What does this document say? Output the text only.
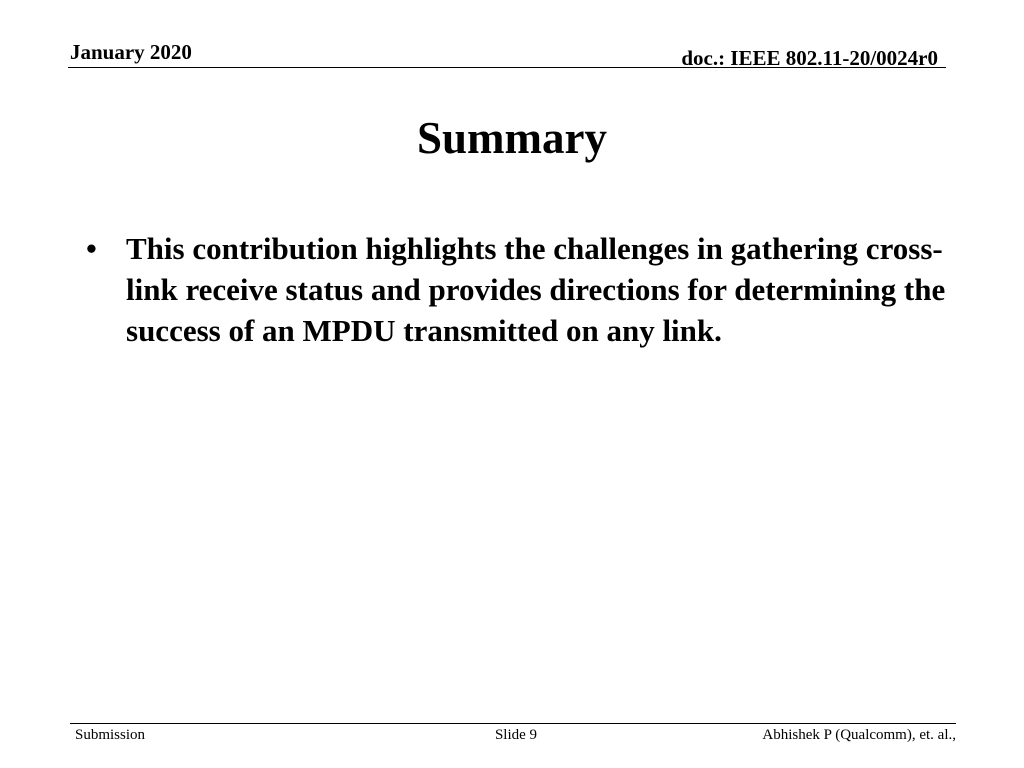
January 2020	doc.: IEEE 802.11-20/0024r0
Summary
• This contribution highlights the challenges in gathering cross-link receive status and provides directions for determining the success of an MPDU transmitted on any link.
Submission	Slide 9	Abhishek P (Qualcomm), et. al.,
